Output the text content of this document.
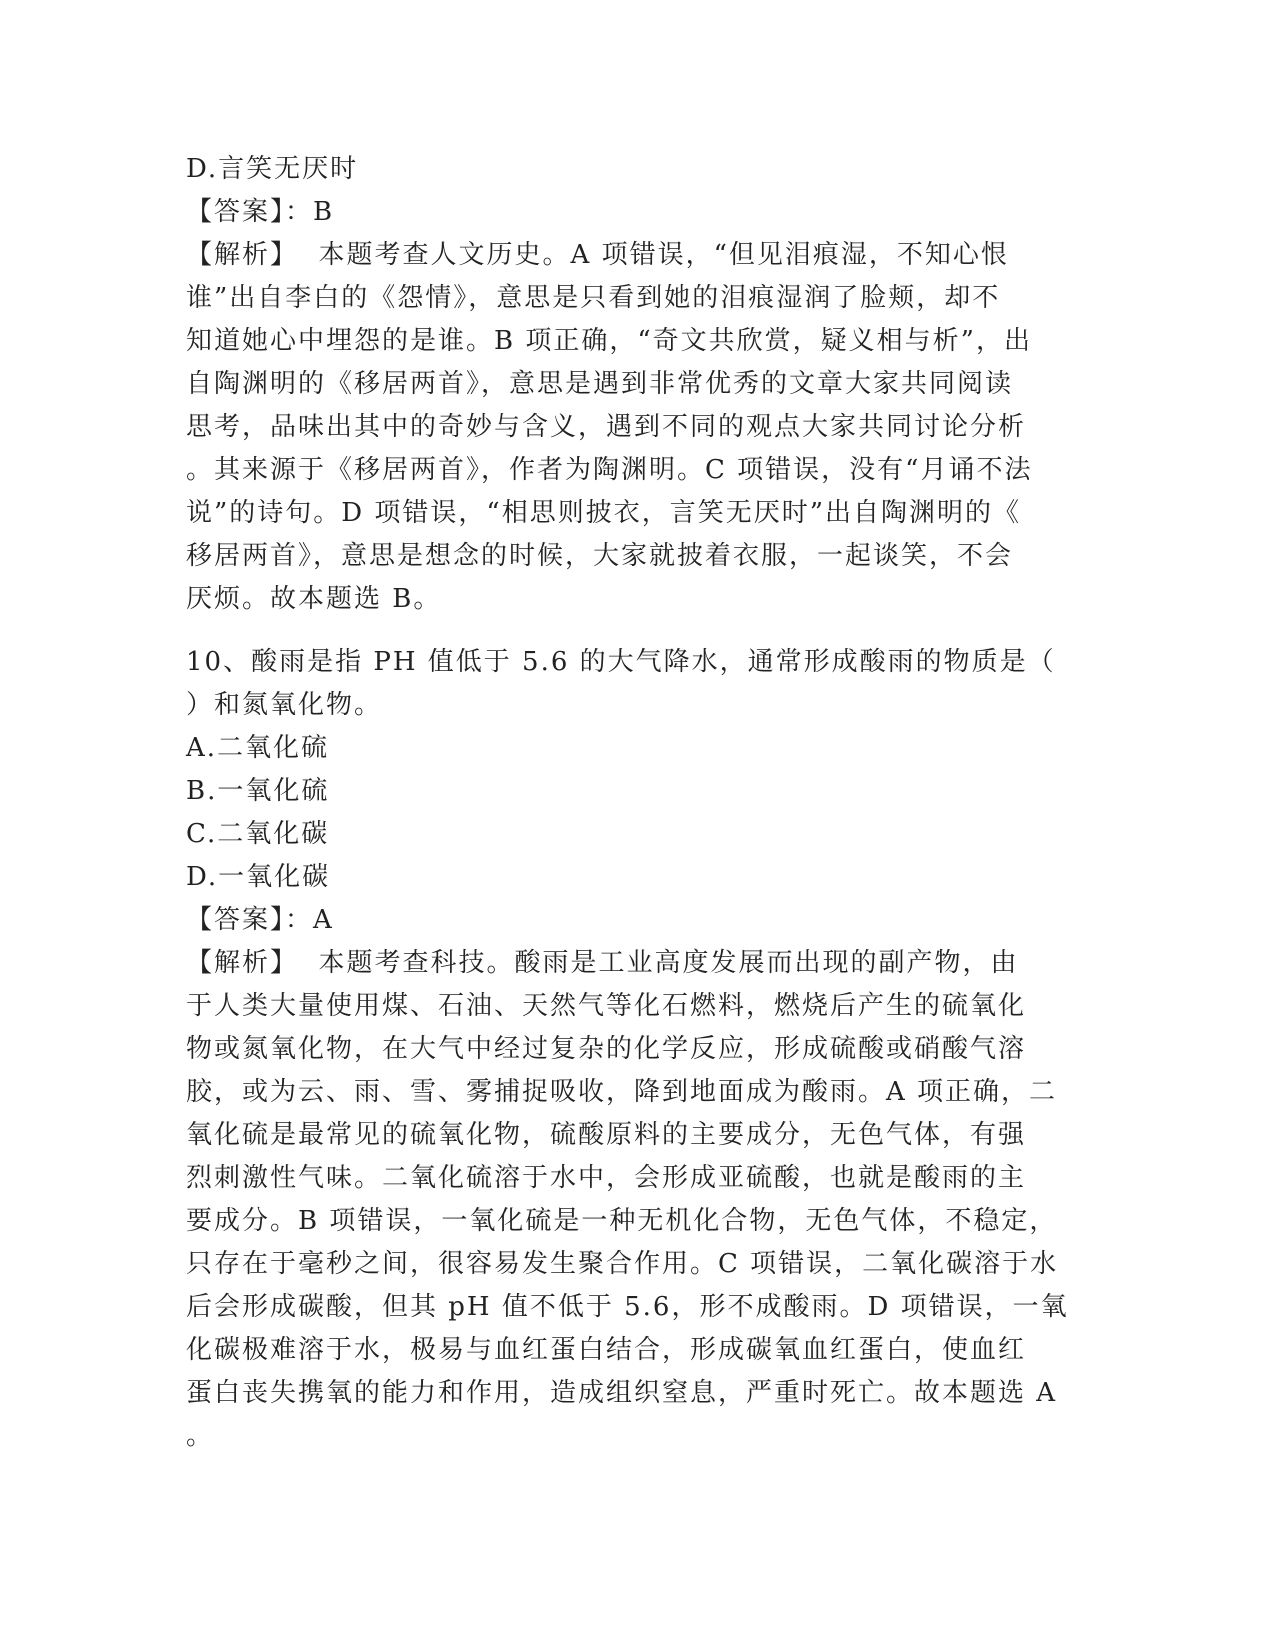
D.言笑无厌时
【答案】：B
【解析】  本题考查人文历史。A 项错误，“但见泪痕湿，不知心恨
谁”出自李白的《怨情》，意思是只看到她的泪痕湿润了脸颊，却不
知道她心中埋怨的是谁。B 项正确，“奇文共欣赏，疑义相与析”，出
自陶渊明的《移居两首》，意思是遇到非常优秀的文章大家共同阅读
思考，品味出其中的奇妙与含义，遇到不同的观点大家共同讨论分析
。其来源于《移居两首》，作者为陶渊明。C 项错误，没有“月诵不法
说”的诗句。D 项错误，“相思则披衣，言笑无厌时”出自陶渊明的《
移居两首》，意思是想念的时候，大家就披着衣服，一起谈笑，不会
厌烦。故本题选 B。
10、酸雨是指 PH 值低于 5.6 的大气降水，通常形成酸雨的物质是（
）和氮氧化物。
A.二氧化硫
B.一氧化硫
C.二氧化碳
D.一氧化碳
【答案】：A
【解析】  本题考查科技。酸雨是工业高度发展而出现的副产物，由
于人类大量使用煤、石油、天然气等化石燃料，燃烧后产生的硫氧化
物或氮氧化物，在大气中经过复杂的化学反应，形成硫酸或硝酸气溶
胶，或为云、雨、雪、雾捕捉吸收，降到地面成为酸雨。A 项正确，二
氧化硫是最常见的硫氧化物，硫酸原料的主要成分，无色气体，有强
烈刺激性气味。二氧化硫溶于水中，会形成亚硫酸，也就是酸雨的主
要成分。B 项错误，一氧化硫是一种无机化合物，无色气体，不稳定，
只存在于毫秒之间，很容易发生聚合作用。C 项错误，二氧化碳溶于水
后会形成碳酸，但其 pH 值不低于 5.6，形不成酸雨。D 项错误，一氧
化碳极难溶于水，极易与血红蛋白结合，形成碳氧血红蛋白，使血红
蛋白丧失携氧的能力和作用，造成组织窒息，严重时死亡。故本题选 A
。
